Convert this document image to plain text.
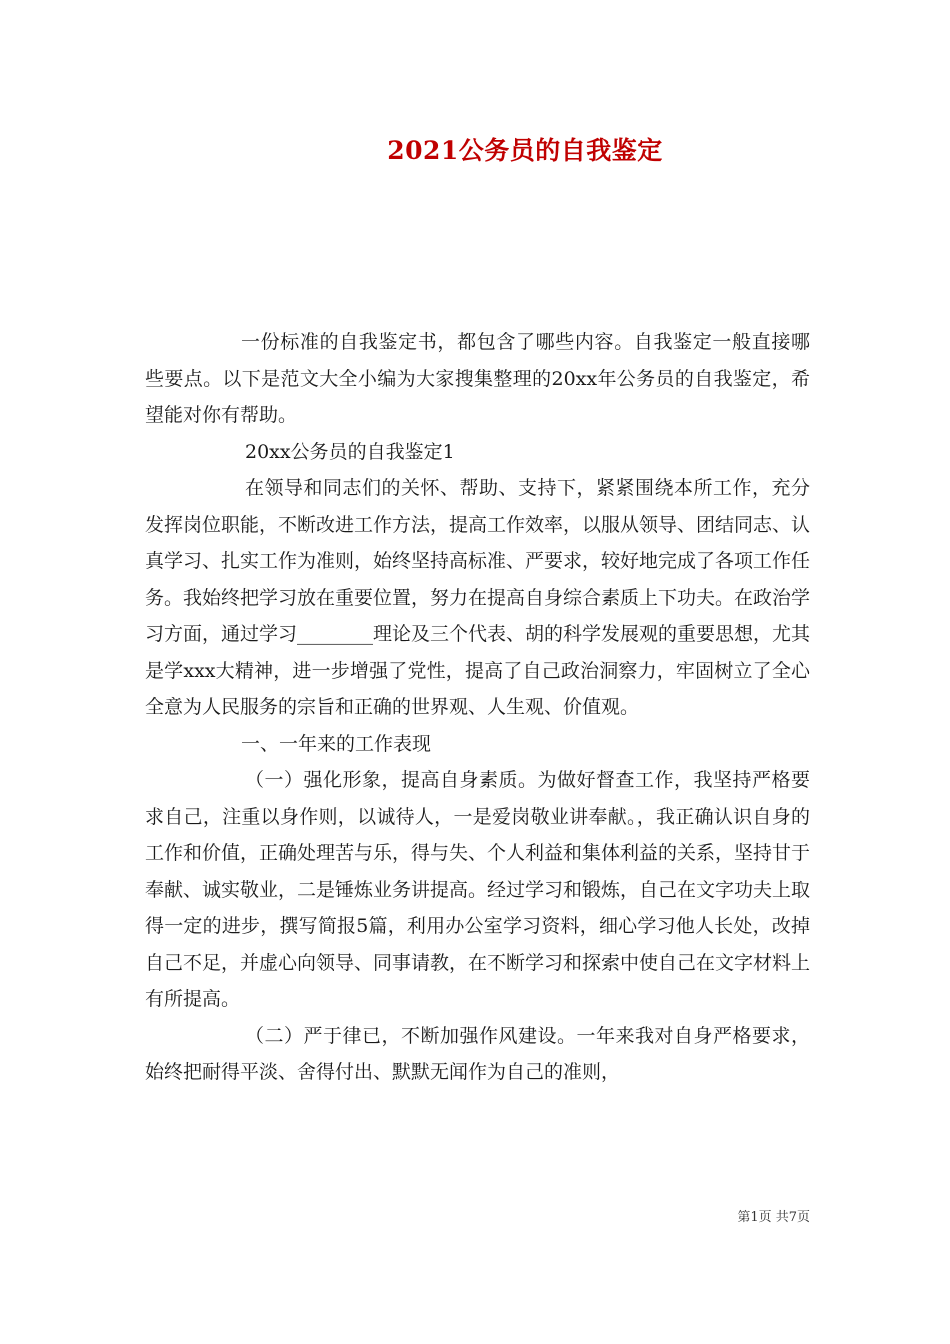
2021公务员的自我鉴定

一份标准的自我鉴定书，都包含了哪些内容。自我鉴定一般直接哪些要点。以下是范文大全小编为大家搜集整理的20xx年公务员的自我鉴定，希望能对你有帮助。

20xx公务员的自我鉴定1

在领导和同志们的关怀、帮助、支持下，紧紧围绕本所工作，充分发挥岗位职能，不断改进工作方法，提高工作效率，以服从领导、团结同志、认真学习、扎实工作为准则，始终坚持高标准、严要求，较好地完成了各项工作任务。我始终把学习放在重要位置，努力在提高自身综合素质上下功夫。在政治学习方面，通过学习________理论及三个代表、胡的科学发展观的重要思想，尤其是学xxx大精神，进一步增强了党性，提高了自己政治洞察力，牢固树立了全心全意为人民服务的宗旨和正确的世界观、人生观、价值观。

一、一年来的工作表现

（一）强化形象，提高自身素质。为做好督查工作，我坚持严格要求自己，注重以身作则，以诚待人，一是爱岗敬业讲奉献。，我正确认识自身的工作和价值，正确处理苦与乐，得与失、个人利益和集体利益的关系，坚持甘于奉献、诚实敬业，二是锤炼业务讲提高。经过学习和锻炼，自己在文字功夫上取得一定的进步，撰写简报5篇，利用办公室学习资料，细心学习他人长处，改掉自己不足，并虚心向领导、同事请教，在不断学习和探索中使自己在文字材料上有所提高。

（二）严于律已，不断加强作风建设。一年来我对自身严格要求，始终把耐得平淡、舍得付出、默默无闻作为自己的准则，

第1页 共7页
